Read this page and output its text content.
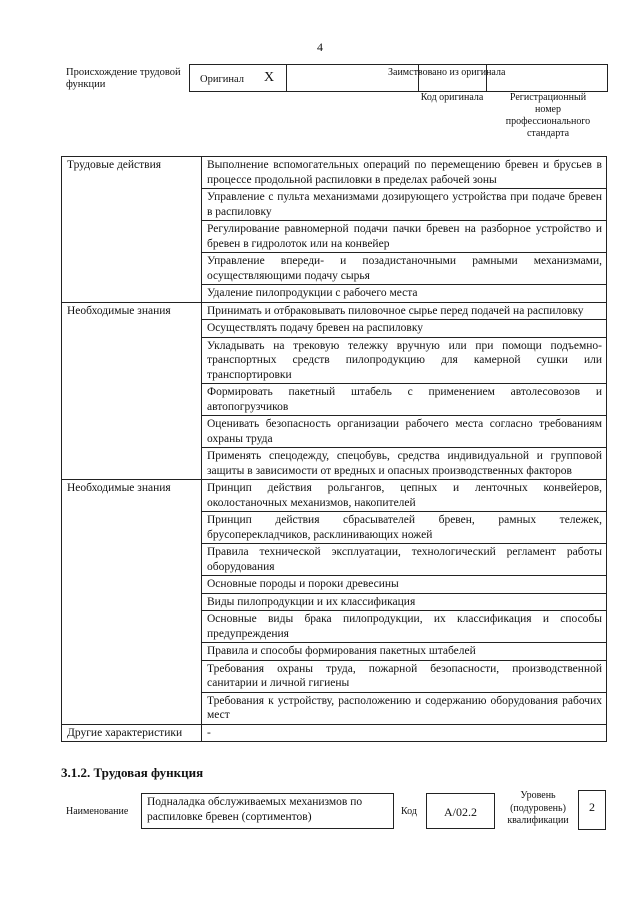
4
Происхождение трудовой функции	Оригинал X	Заимствовано из оригинала
Код оригинала	Регистрационный номер профессионального стандарта
Трудовые действия	Выполнение вспомогательных операций по перемещению бревен и брусьев в процессе продольной распиловки в пределах рабочей зоны
	Управление с пульта механизмами дозирующего устройства при подаче бревен в распиловку
	Регулирование равномерной подачи пачки бревен на разборное устройство и бревен в гидролоток или на конвейер
	Управление впереди- и позадистаночными рамными механизмами, осуществляющими подачу сырья
	Удаление пилопродукции с рабочего места
Необходимые знания	Принимать и отбраковывать пиловочное сырье перед подачей на распиловку
	Осуществлять подачу бревен на распиловку
	Укладывать на трековую тележку вручную или при помощи подъемно-транспортных средств пилопродукцию для камерной сушки или транспортировки
	Формировать пакетный штабель с применением автолесовозов и автопогрузчиков
	Оценивать безопасность организации рабочего места согласно требованиям охраны труда
	Применять спецодежду, спецобувь, средства индивидуальной и групповой защиты в зависимости от вредных и опасных производственных факторов
Необходимые знания	Принцип действия рольгангов, цепных и ленточных конвейеров, околостаночных механизмов, накопителей
	Принцип действия сбрасывателей бревен, рамных тележек, брусоперекладчиков, расклинивающих ножей
	Правила технической эксплуатации, технологический регламент работы оборудования
	Основные породы и пороки древесины
	Виды пилопродукции и их классификация
	Основные виды брака пилопродукции, их классификация и способы предупреждения
	Правила и способы формирования пакетных штабелей
	Требования охраны труда, пожарной безопасности, производственной санитарии и личной гигиены
	Требования к устройству, расположению и содержанию оборудования рабочих мест
Другие характеристики	-
3.1.2. Трудовая функция
Наименование
Подналадка обслуживаемых механизмов по распиловке бревен (сортиментов)	Код	A/02.2
Уровень (подуровень) квалификации
2
